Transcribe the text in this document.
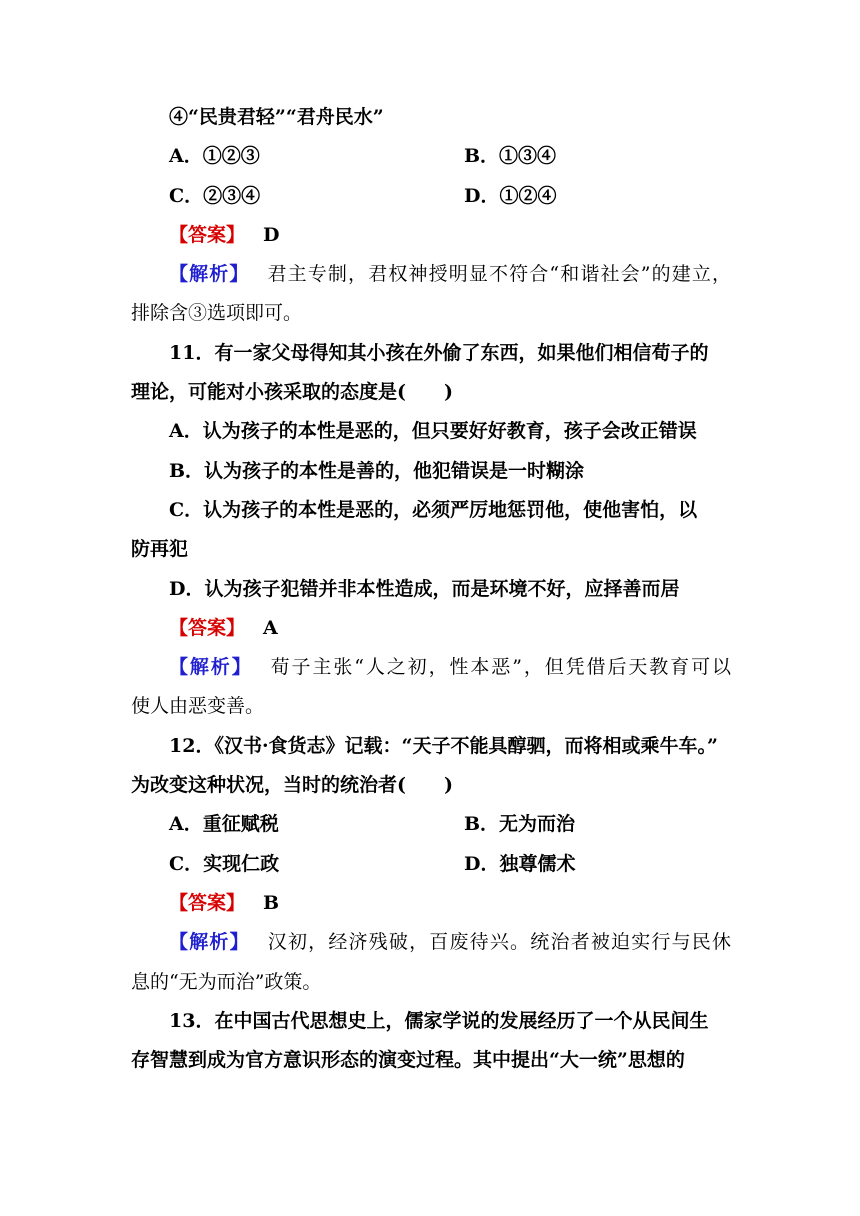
④“民贵君轻”“君舟民水”
A．①②③	B．①③④
C．②③④	D．①②④
【答案】 D
【解析】 君主专制，君权神授明显不符合“和谐社会”的建立，
排除含③选项即可。
11．有一家父母得知其小孩在外偷了东西，如果他们相信荀子的
理论，可能对小孩采取的态度是(　　)
A．认为孩子的本性是恶的，但只要好好教育，孩子会改正错误
B．认为孩子的本性是善的，他犯错误是一时糊涂
C．认为孩子的本性是恶的，必须严厉地惩罚他，使他害怕，以
防再犯
D．认为孩子犯错并非本性造成，而是环境不好，应择善而居
【答案】 A
【解析】 荀子主张“人之初，性本恶”，但凭借后天教育可以
使人由恶变善。
12．《汉书·食货志》记载：“天子不能具醇驷，而将相或乘牛车。”
为改变这种状况，当时的统治者(　　)
A．重征赋税	B．无为而治
C．实现仁政	D．独尊儒术
【答案】 B
【解析】 汉初，经济残破，百废待兴。统治者被迫实行与民休
息的“无为而治”政策。
13．在中国古代思想史上，儒家学说的发展经历了一个从民间生
存智慧到成为官方意识形态的演变过程。其中提出“大一统”思想的
